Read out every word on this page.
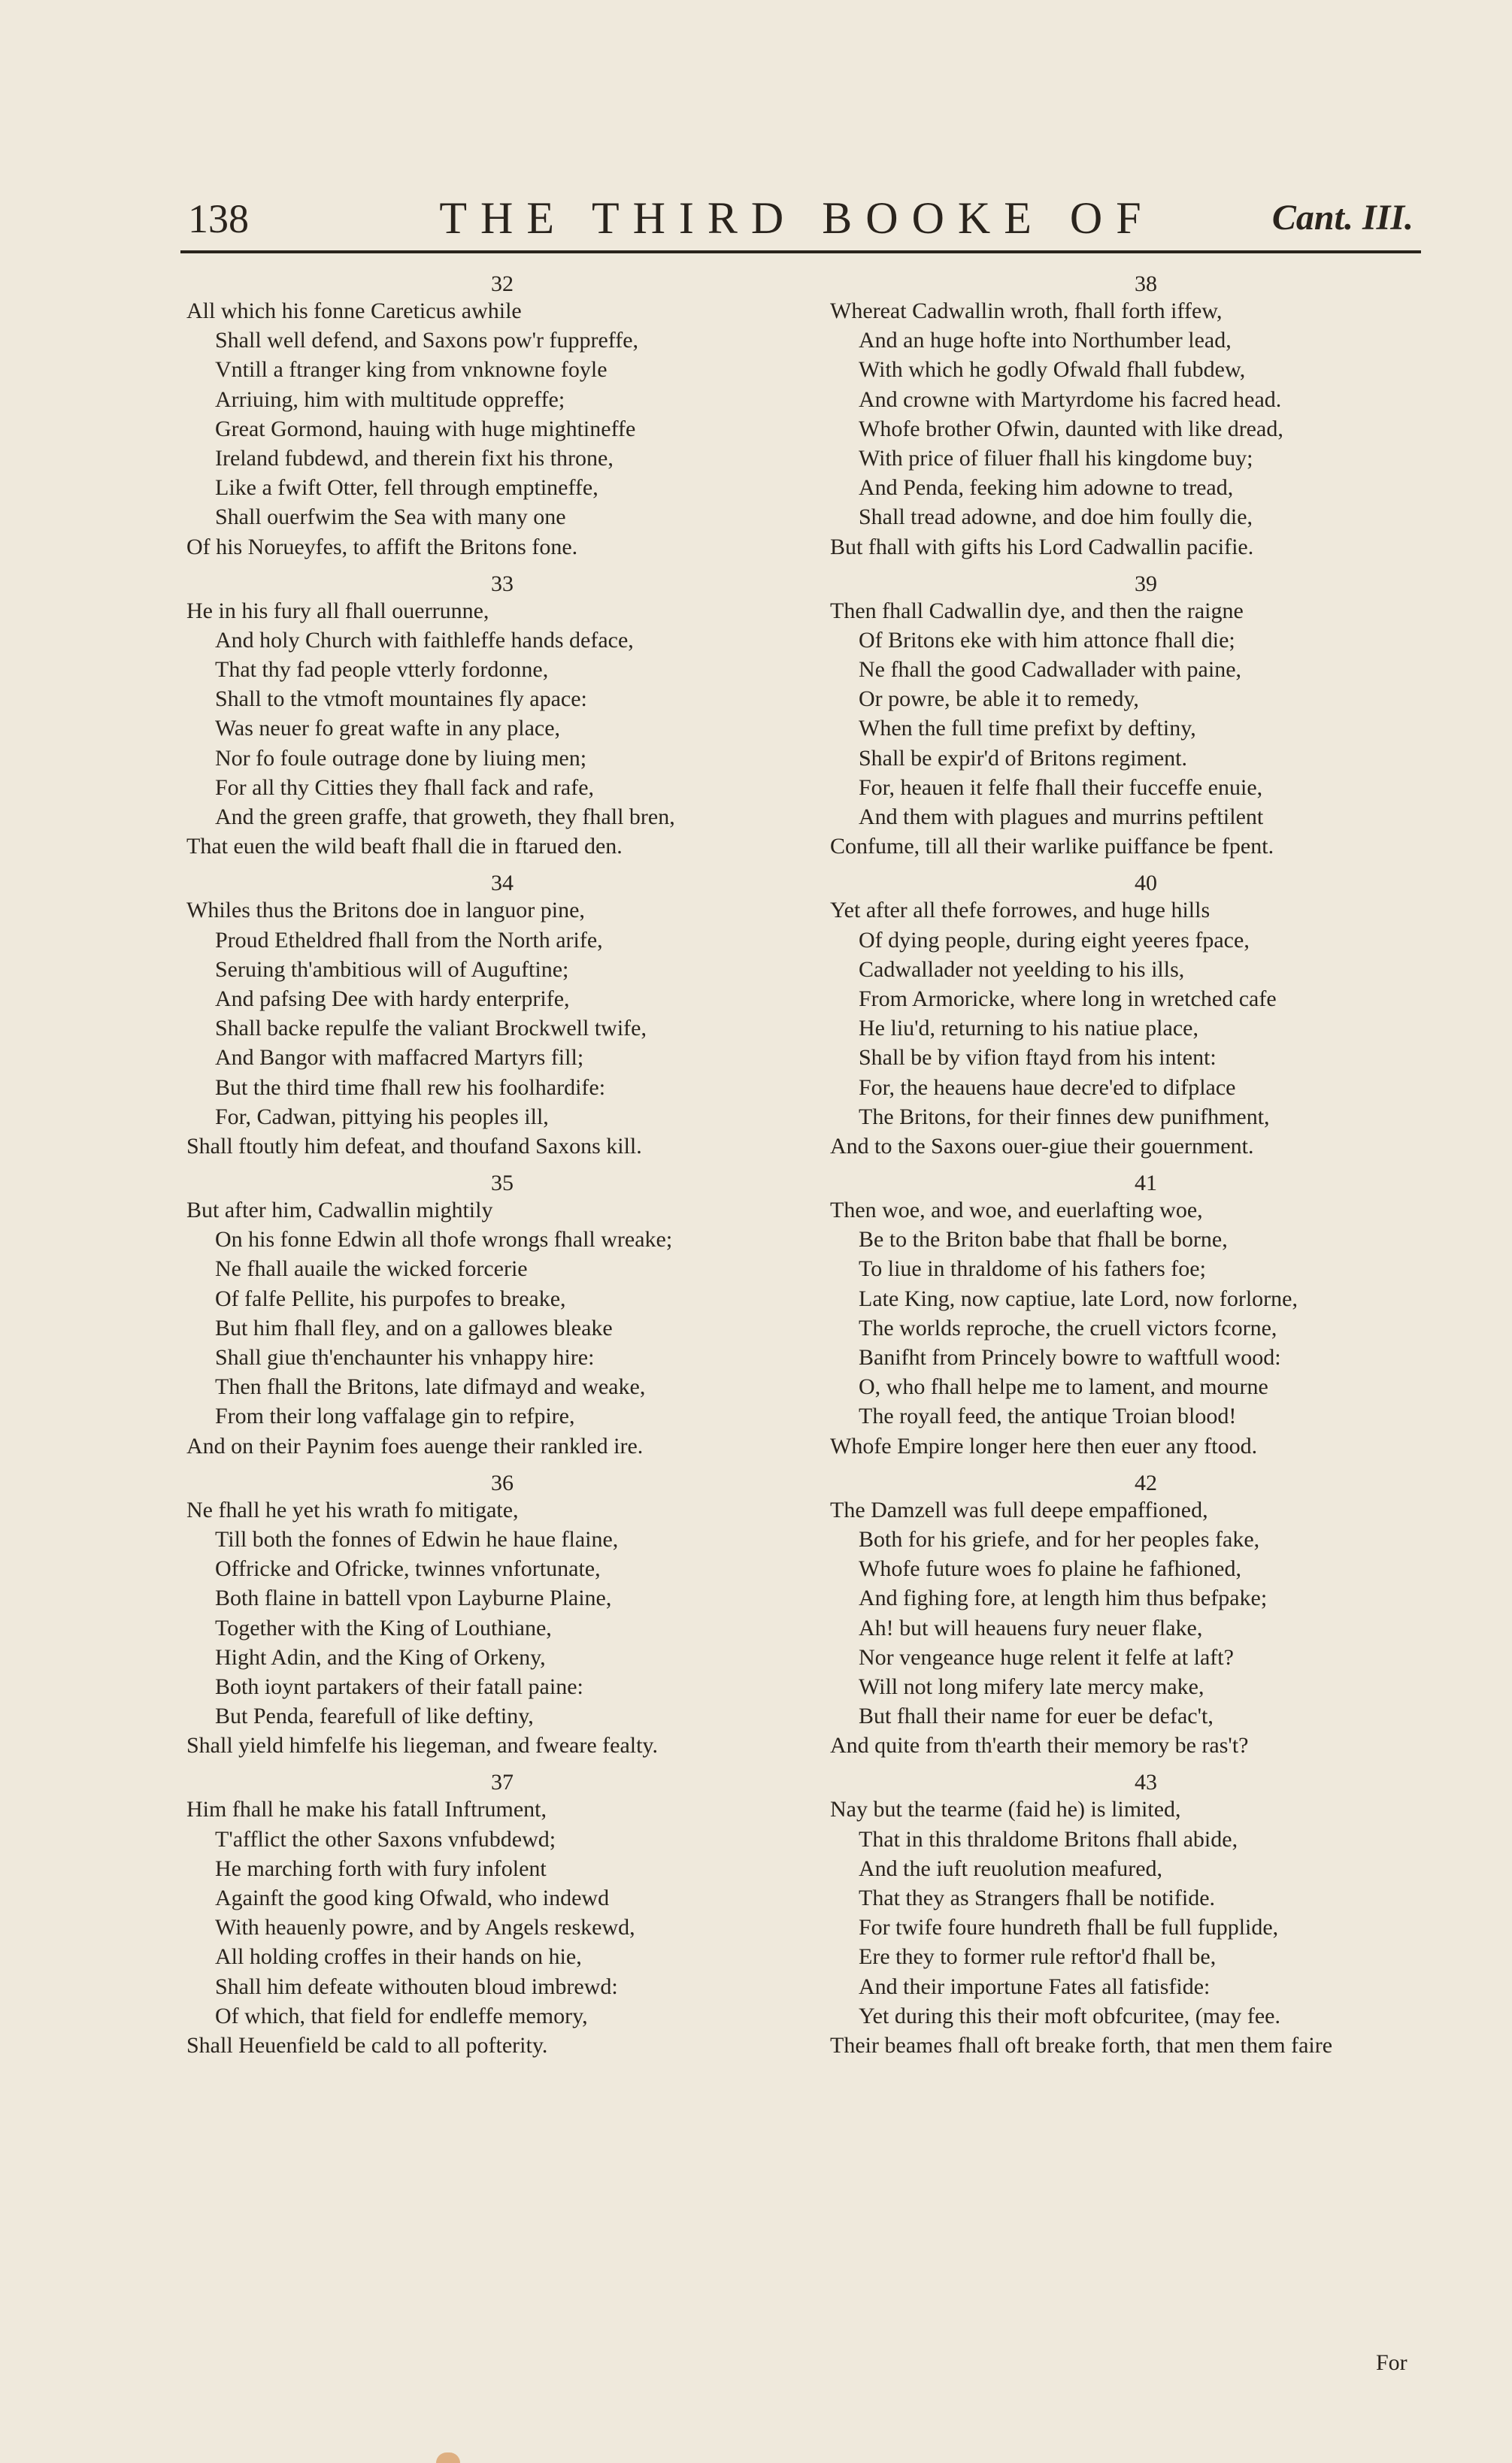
138	THE THIRD BOOKE OF	Cant. III.
32
All which his fonne Careticus awhile
Shall well defend, and Saxons pow'r fuppreffe,
Vntill a ftranger king from vnknowne foyle
Arriuing, him with multitude oppreffe;
Great Gormond, hauing with huge mightineffe
Ireland fubdewd, and therein fixt his throne,
Like a fwift Otter, fell through emptineffe,
Shall ouerfwim the Sea with many one
Of his Norueyfes, to affift the Britons fone.
33
He in his fury all fhall ouerrunne,
And holy Church with faithleffe hands deface,
That thy fad people vtterly fordonne,
Shall to the vtmoft mountaines fly apace:
Was neuer fo great wafte in any place,
Nor fo foule outrage done by liuing men;
For all thy Citties they fhall fack and rafe,
And the green graffe, that groweth, they fhall bren,
That euen the wild beaft fhall die in ftarued den.
34
Whiles thus the Britons doe in languor pine,
Proud Etheldred fhall from the North arife,
Seruing th'ambitious will of Auguftine;
And pafsing Dee with hardy enterprife,
Shall backe repulfe the valiant Brockwell twife,
And Bangor with maffacred Martyrs fill;
But the third time fhall rew his foolhardife:
For, Cadwan, pittying his peoples ill,
Shall ftoutly him defeat, and thoufand Saxons kill.
35
But after him, Cadwallin mightily
On his fonne Edwin all thofe wrongs fhall wreake;
Ne fhall auaile the wicked forcerie
Of falfe Pellite, his purpofes to breake,
But him fhall fley, and on a gallowes bleake
Shall giue th'enchaunter his vnhappy hire:
Then fhall the Britons, late difmayd and weake,
From their long vaffalage gin to refpire,
And on their Paynim foes auenge their rankled ire.
36
Ne fhall he yet his wrath fo mitigate,
Till both the fonnes of Edwin he haue flaine,
Offricke and Ofricke, twinnes vnfortunate,
Both flaine in battell vpon Layburne Plaine,
Together with the King of Louthiane,
Hight Adin, and the King of Orkeny,
Both ioynt partakers of their fatall paine:
But Penda, fearefull of like deftiny,
Shall yield himfelfe his liegeman, and fweare fealty.
37
Him fhall he make his fatall Inftrument,
T'afflict the other Saxons vnfubdewd;
He marching forth with fury infolent
Againft the good king Ofwald, who indewd
With heauenly powre, and by Angels reskewd,
All holding croffes in their hands on hie,
Shall him defeate withouten bloud imbrewd:
Of which, that field for endleffe memory,
Shall Heuenfield be cald to all pofterity.
38
Whereat Cadwallin wroth, fhall forth iffew,
And an huge hofte into Northumber lead,
With which he godly Ofwald fhall fubdew,
And crowne with Martyrdome his facred head.
Whofe brother Ofwin, daunted with like dread,
With price of filuer fhall his kingdome buy;
And Penda, feeking him adowne to tread,
Shall tread adowne, and doe him foully die,
But fhall with gifts his Lord Cadwallin pacifie.
39
Then fhall Cadwallin dye, and then the raigne
Of Britons eke with him attonce fhall die;
Ne fhall the good Cadwallader with paine,
Or powre, be able it to remedy,
When the full time prefixt by deftiny,
Shall be expir'd of Britons regiment.
For, heauen it felfe fhall their fucceffe enuie,
And them with plagues and murrins peftilent
Confume, till all their warlike puiffance be fpent.
40
Yet after all thefe forrowes, and huge hills
Of dying people, during eight yeeres fpace,
Cadwallader not yeelding to his ills,
From Armoricke, where long in wretched cafe
He liu'd, returning to his natiue place,
Shall be by vifion ftayd from his intent:
For, the heauens haue decre'ed to difplace
The Britons, for their finnes dew punifhment,
And to the Saxons ouer-giue their gouernment.
41
Then woe, and woe, and euerlafting woe,
Be to the Briton babe that fhall be borne,
To liue in thraldome of his fathers foe;
Late King, now captiue, late Lord, now forlorne,
The worlds reproche, the cruell victors fcorne,
Banifht from Princely bowre to waftfull wood:
O, who fhall helpe me to lament, and mourne
The royall feed, the antique Troian blood!
Whofe Empire longer here then euer any ftood.
42
The Damzell was full deepe empaffioned,
Both for his griefe, and for her peoples fake,
Whofe future woes fo plaine he fafhioned,
And fighing fore, at length him thus befpake;
Ah! but will heauens fury neuer flake,
Nor vengeance huge relent it felfe at laft?
Will not long mifery late mercy make,
But fhall their name for euer be defac't,
And quite from th'earth their memory be ras't?
43
Nay but the tearme (faid he) is limited,
That in this thraldome Britons fhall abide,
And the iuft reuolution meafured,
That they as Strangers fhall be notifide.
For twife foure hundreth fhall be full fupplide,
Ere they to former rule reftor'd fhall be,
And their importune Fates all fatisfide:
Yet during this their moft obfcuritee, (may fee.
Their beames fhall oft breake forth, that men them faire
For
